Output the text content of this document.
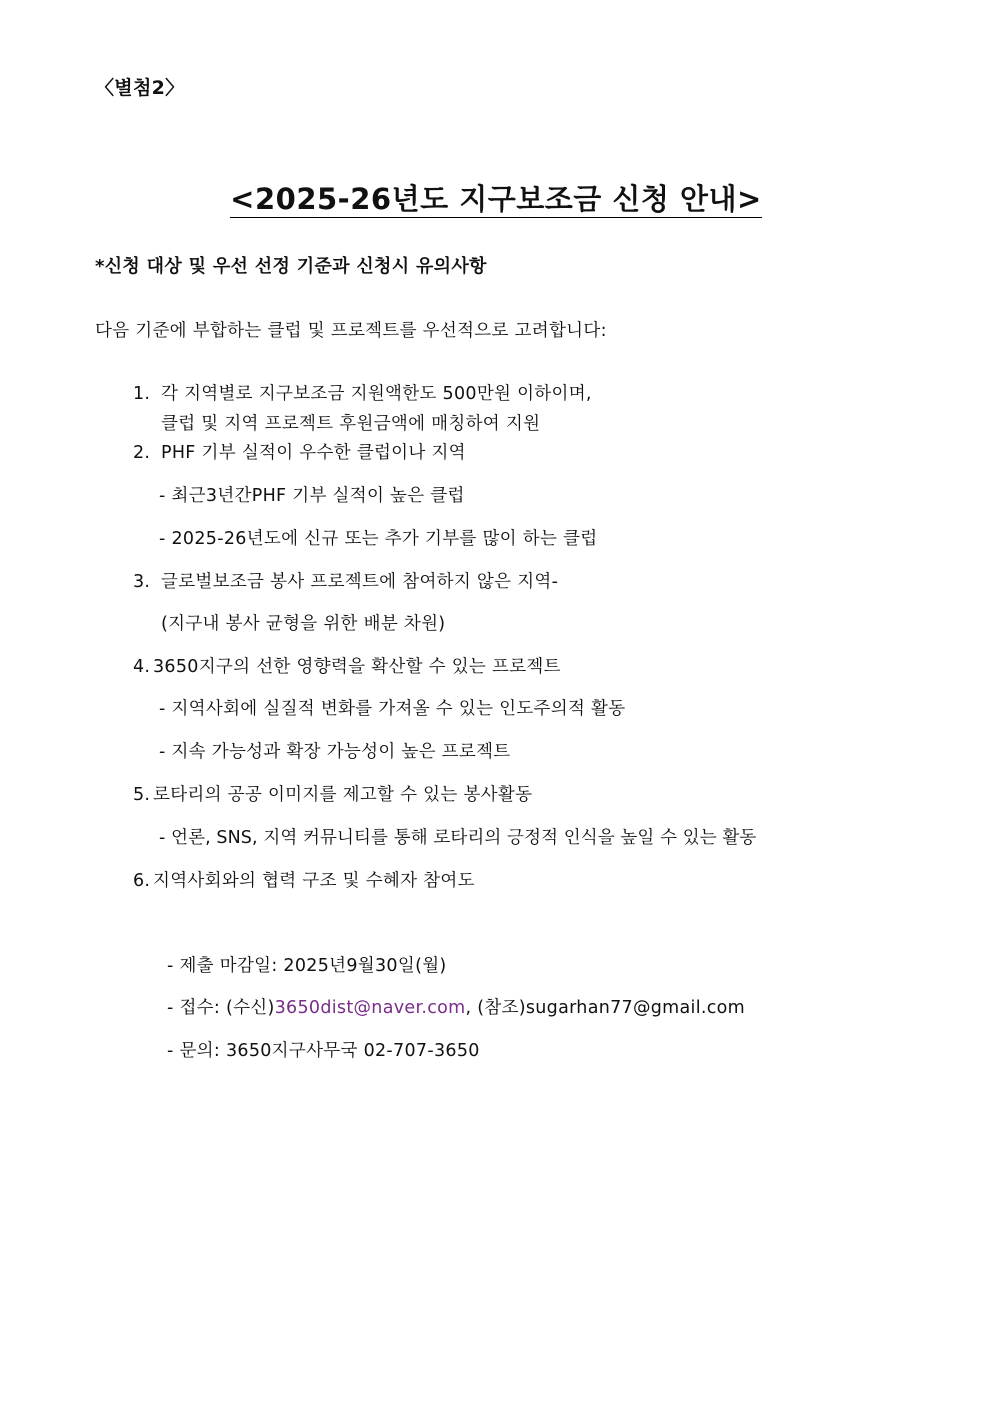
〈별첨2〉
<2025-26년도 지구보조금 신청 안내>
*신청 대상 및 우선 선정 기준과 신청시 유의사항
다음 기준에 부합하는 클럽 및 프로젝트를 우선적으로 고려합니다:
1. 각 지역별로 지구보조금 지원액한도 500만원 이하이며,
클럽 및 지역 프로젝트 후원금액에 매칭하여 지원
2. PHF 기부 실적이 우수한 클럽이나 지역
- 최근3년간PHF 기부 실적이 높은 클럽
- 2025-26년도에 신규 또는 추가 기부를 많이 하는 클럽
3. 글로벌보조금 봉사 프로젝트에 참여하지 않은 지역-
(지구내 봉사 균형을 위한 배분 차원)
4. 3650지구의 선한 영향력을 확산할 수 있는 프로젝트
- 지역사회에 실질적 변화를 가져올 수 있는 인도주의적 활동
- 지속 가능성과 확장 가능성이 높은 프로젝트
5. 로타리의 공공 이미지를 제고할 수 있는 봉사활동
- 언론, SNS, 지역 커뮤니티를 통해 로타리의 긍정적 인식을 높일 수 있는 활동
6. 지역사회와의 협력 구조 및 수혜자 참여도
- 제출 마감일: 2025년9월30일(월)
- 접수: (수신)3650dist@naver.com, (참조)sugarhan77@gmail.com
- 문의: 3650지구사무국 02-707-3650
